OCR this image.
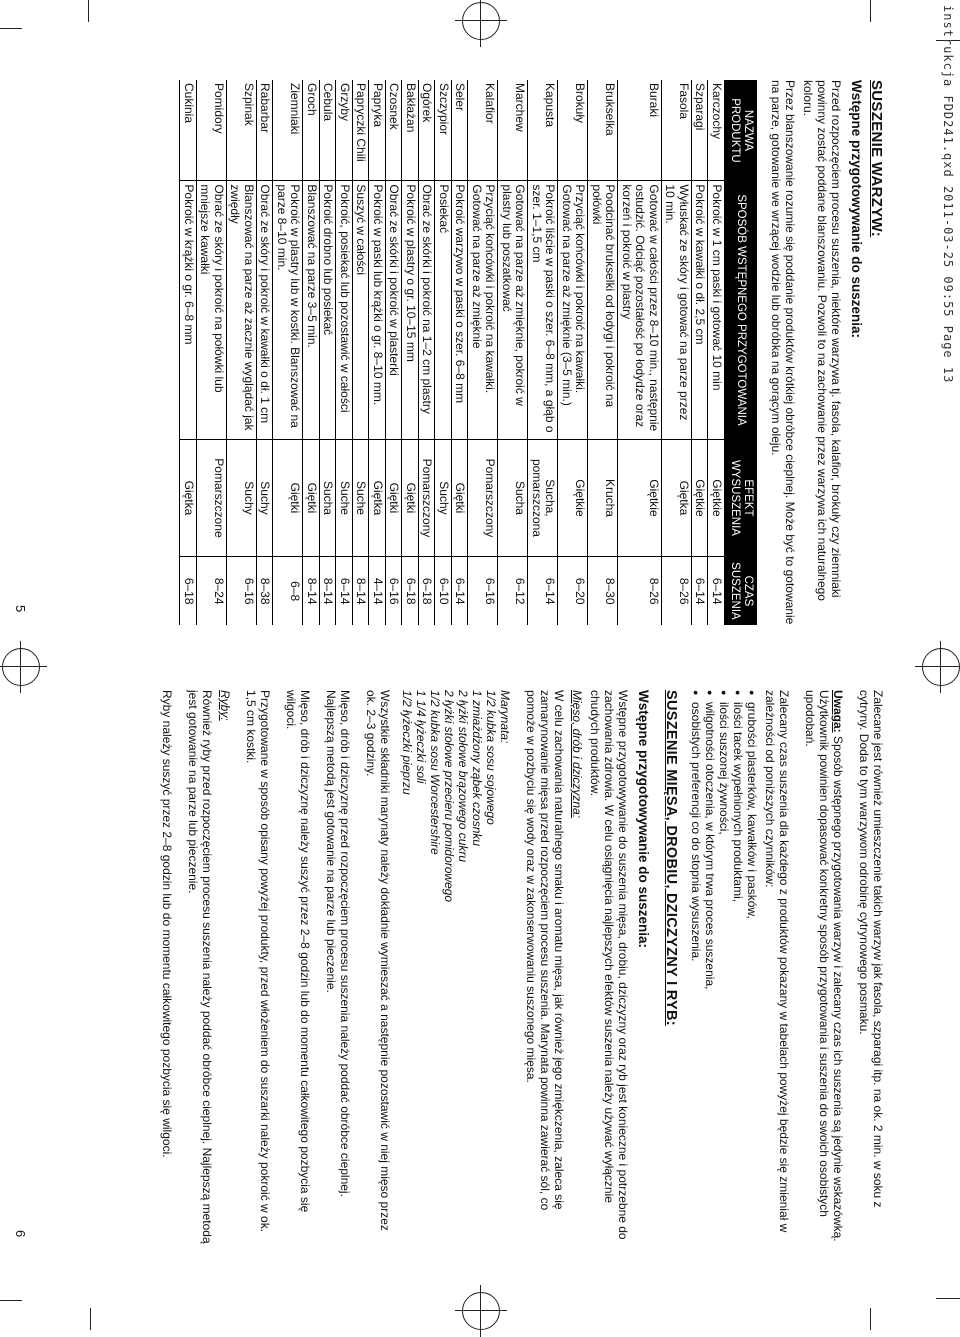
instrukcja FDD241.qxd 2011-03-25 09:55 Page 13
SUSZENIE WARZYW:
Wstępne przygotowywanie do suszenia:

Przed rozpoczęciem procesu suszenia, niektóre warzywa tj. fasola, kalafior, brokuły czy ziemniaki powinny zostać poddane blanszowaniu. Pozwoli to na zachowanie przez warzywa ich naturalnego koloru.

Przez blanszowanie rozumie się poddanie produktów krótkiej obróbce cieplnej. Może być to gotowanie na parze, gotowanie we wrzącej wodzie lub obróbka na gorącym oleju.

NAZWA PRODUKTU	SPOSÓB WSTĘPNEGO PRZYGOTOWANIA	EFEKT WYSUSZENIA	CZAS SUSZENIA
Karczochy	Pokroić w 1 cm paski i gotować 10 min	Giętkie	6–14
Szparagi	Pokroić w kawałki o dł. 2,5 cm	Giętkie	6–14
Fasola	Wyłuskać ze skóry i gotować na parze przez 10 min.	Giętka	8–26
Buraki	Gotować w całości przez 8–10 min., następnie ostudzić. Odciąć pozostałość po łodydze oraz korzeń i pokroić w plastry	Giętkie	8–26
Brukselka	Poodcinać brukselki od łodygi i pokroić na połówki	Krucha	8–30
Brokuły	Przyciąć końcówki i pokroić na kawałki. Gotować na parze aż zmięknie (3–5 min.)	Giętkie	6–20
Kapusta	Pokroić liście w paski o szer. 6–8 mm, a głąb o szer. 1–1,5 cm	Sucha, pomarszczona	6–14
Marchew	Gotować na parze aż zmięknie, pokroić w plastry lub poszatkować	Sucha	6–12
Kalafior	Przyciąć końcówki i pokroić na kawałki. Gotować na parze aż zmięknie	Pomarszczony	6–16
Seler	Pokroić warzywo w paski o szer. 6–8 mm	Giętki	6–14
Szczypior	Posiekać	Suchy	6–10
Ogórek	Obrać ze skórki i pokroić na 1–2 cm plastry	Pomarszczony	6–18
Bakłażan	Pokroić w plastry o gr. 10–15 mm	Giętki	6–18
Czosnek	Obrać ze skórki i pokroić w plasterki	Giętki	6–16
Papryka	Pokroić w paski lub krążki o gr. 8–10 mm.	Giętka	4–14
Papryczki Chili	Suszyć w całości	Suche	8–14
Grzyby	Pokroić, posiekać lub pozostawić w całości	Suche	6–14
Cebula	Pokroić drobno lub posiekać	Sucha	8–14
Groch	Blanszować na parze 3–5 min.	Giętki	8–14
Ziemniaki	Pokroić w plastry lub w kostki. Blanszować na parze 8–10 min.	Giętki	6–8
Rabarbar	Obrać ze skóry i pokroić w kawałki o dł. 1 cm	Suchy	8–38
Szpinak	Blanszować na parze aż zacznie wyglądać jak zwiędły	Suchy	6–16
Pomidory	Obrać ze skóry i pokroić na połówki lub mniejsze kawałki	Pomarszczone	8–24
Cukinia	Pokroić w krążki o gr. 6–8 mm	Giętka	6–18
5

Zalecane jest również umieszczenie takich warzyw jak fasola, szparagi itp. na ok. 2 min. w soku z cytryny. Doda to tym warzywom odrobinę cytrynowego posmaku.

Uwaga: Sposób wstępnego przygotowania warzyw i zalecany czas ich suszenia są jedynie wskazówką. Użytkownik powinien dopasować konkretny sposób przygotowania i suszenia do swoich osobistych upodobań.

Zalecany czas suszenia dla każdego z produktów pokazany w tabelach powyżej będzie się zmieniał w zależności od poniższych czynników:

● grubości plasterków, kawałków i pasków,
● ilości tacek wypełnionych produktami,
● ilości suszonej żywności,
● wilgotności otoczenia, w którym trwa proces suszenia,
● osobistych preferencji co do stopnia wysuszenia.
SUSZENIE MIĘSA, DROBIU, DZICZYZNY I RYB:
Wstępne przygotowywanie do suszenia:

Wstępne przygotowywanie do suszenia mięsa, drobiu, dziczyzny oraz ryb jest konieczne i potrzebne do zachowania zdrowia. W celu osiągnięcia najlepszych efektów suszenia należy używać wyłącznie chudych produktów.

Mięso, drób i dziczyzna:

W celu zachowania naturalnego smaku i aromatu mięsa, jak również jego zmiękczenia, zaleca się zamarynowanie mięsa przed rozpoczęciem procesu suszenia. Marynata powinna zawierać sól, co pomoże w pozbyciu się wody oraz w zakonserwowaniu suszonego mięsa.

Marynata:

1/2 kubka sosu sojowego

1 zmiażdżony ząbek czosnku

2 łyżki stołowe brązowego cukru

2 łyżki stołowe przecieru pomidorowego

1/2 kubka sosu Worcestershire

1 1/4 łyżeczki soli

1/2 łyżeczki pieprzu

Wszystkie składniki marynaty należy dokładnie wymieszać a następnie pozostawić w niej mięso przez ok. 2–3 godziny.

Mięso, drób i dziczyznę przed rozpoczęciem procesu suszenia należy poddać obróbce cieplnej. Najlepszą metodą jest gotowanie na parze lub pieczenie.

Mięso, drób i dziczyznę należy suszyć przez 2–8 godzin lub do momentu całkowitego pozbycia się wilgoci.

Przygotowane w sposób opisany powyżej produkty, przed włożeniem do suszarki należy pokroić w ok. 1,5 cm kostki.

Ryby:

Również ryby przed rozpoczęciem procesu suszenia należy poddać obróbce cieplnej. Najlepszą metodą jest gotowanie na parze lub pieczenie.

Ryby należy suszyć przez 2–8 godzin lub do momentu całkowitego pozbycia się wilgoci.

6
